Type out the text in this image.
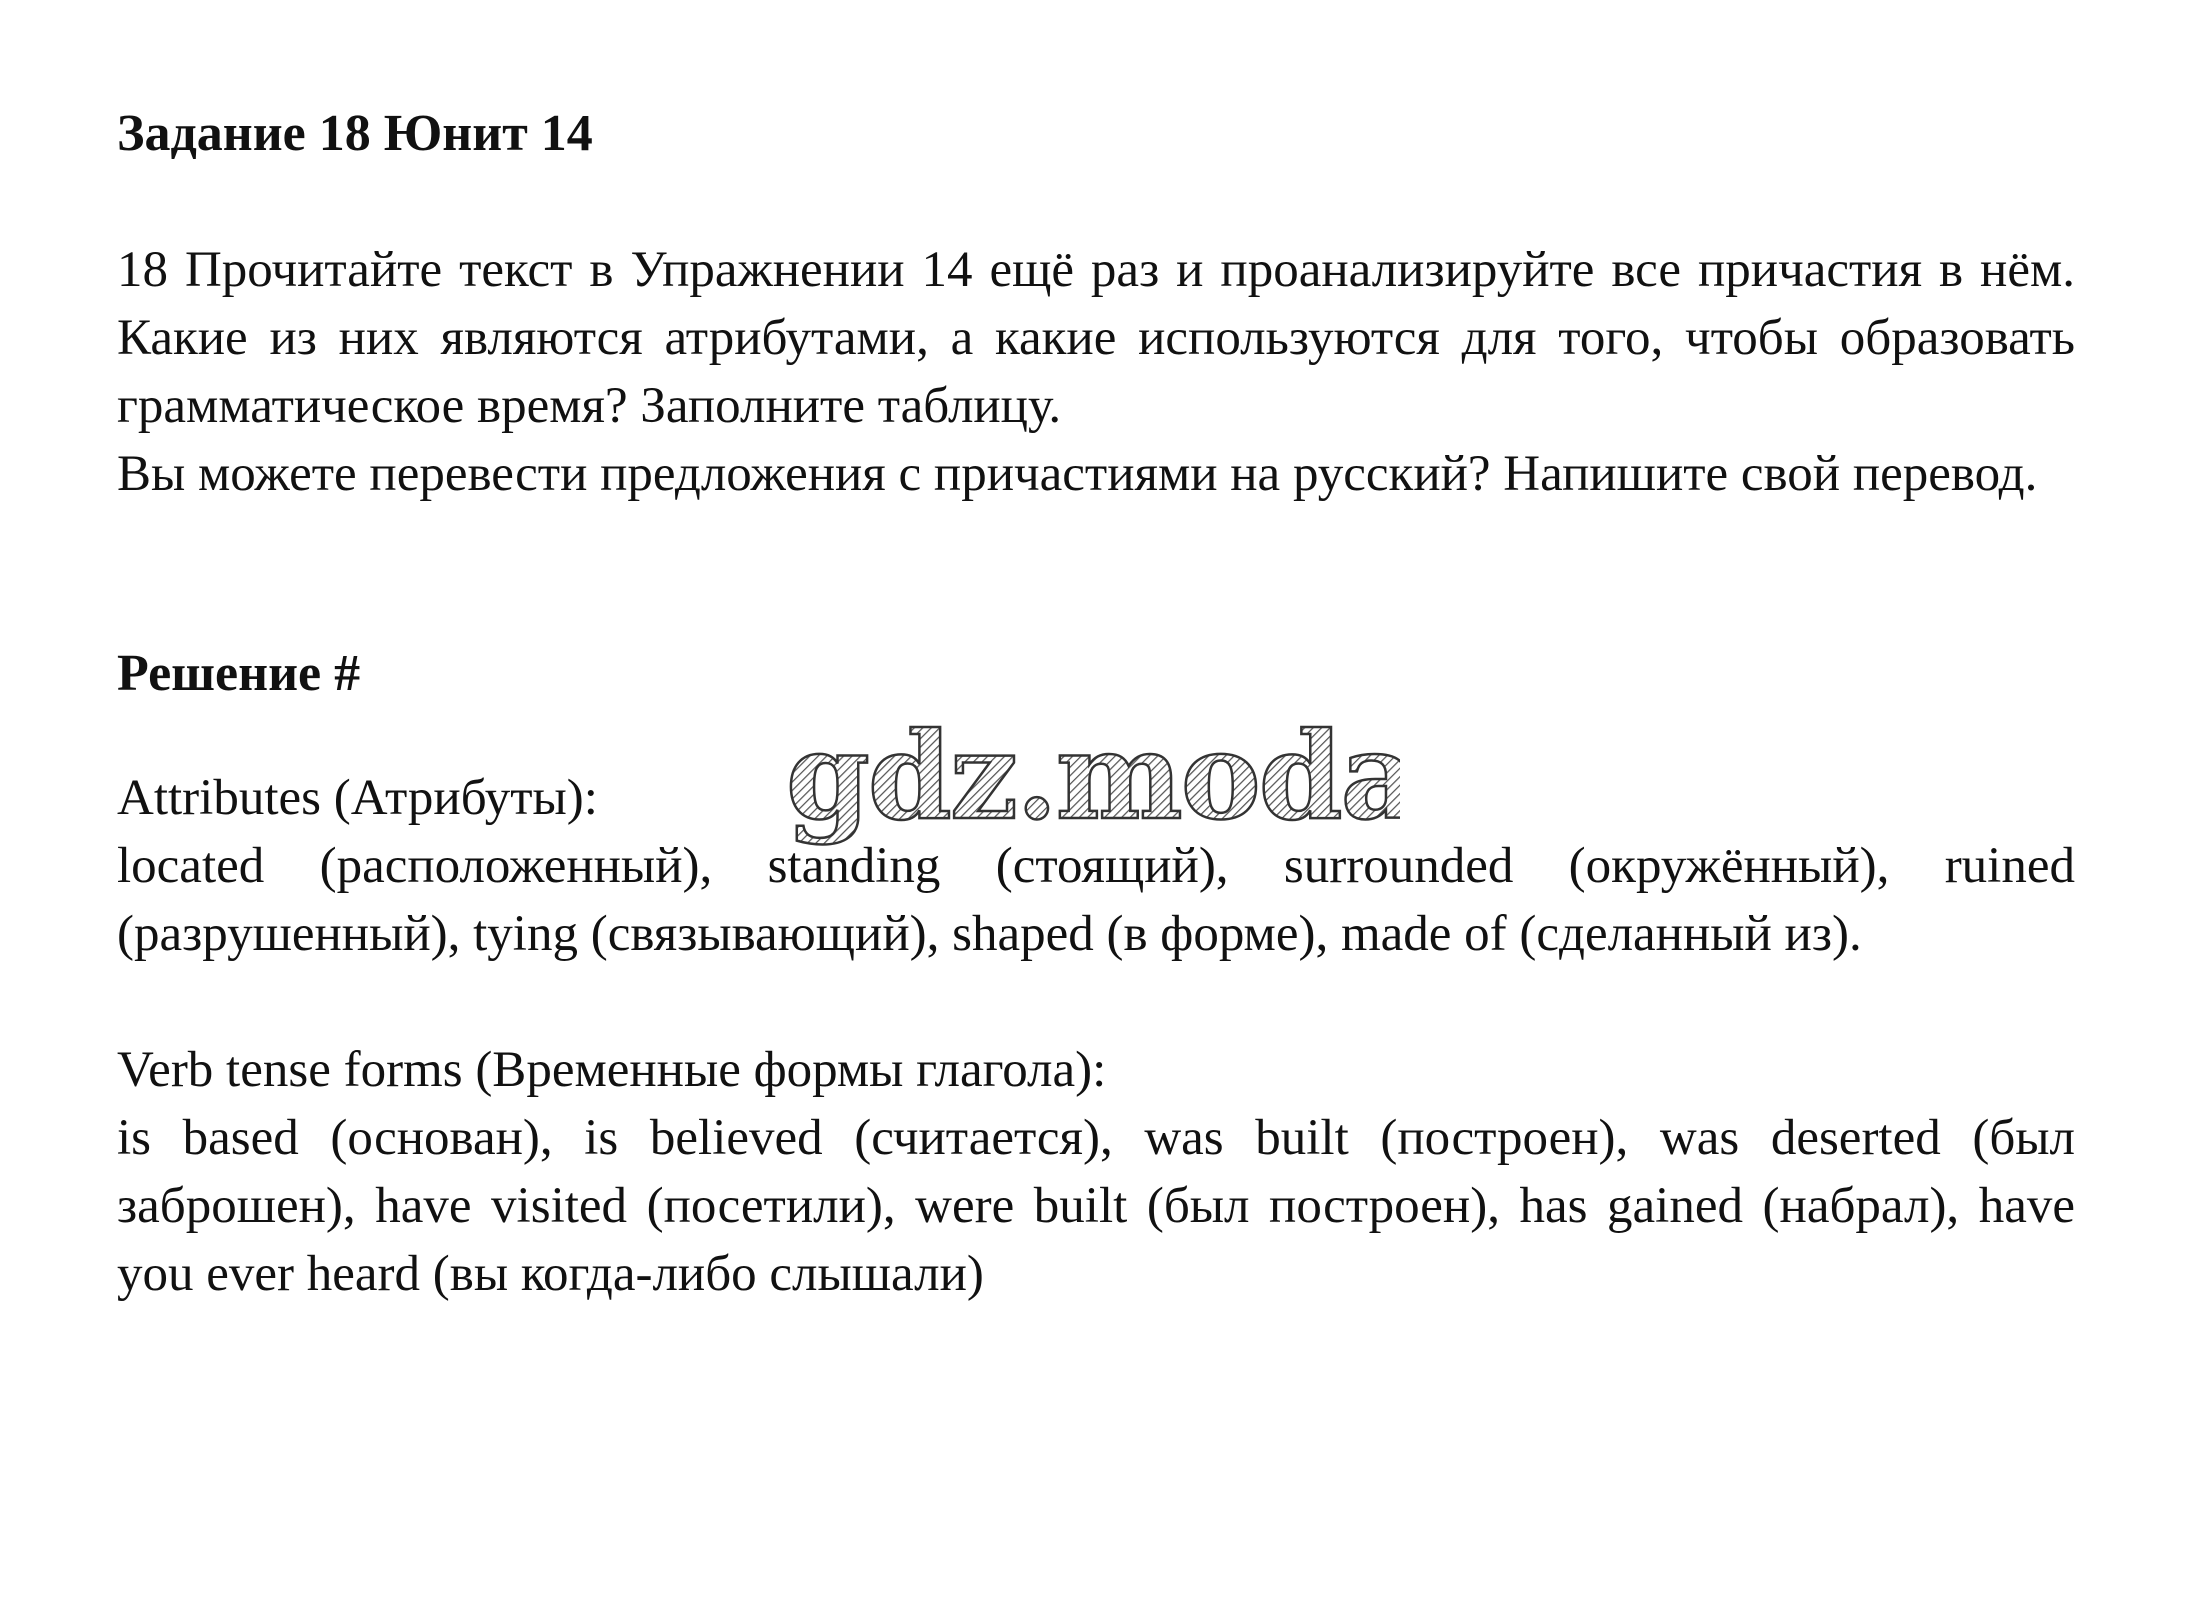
Задание 18 Юнит 14

18 Прочитайте текст в Упражнении 14 ещё раз и проанализируйте все причастия в нём. Какие из них являются атрибутами, а какие используются для того, чтобы образовать грамматическое время? Заполните таблицу.

Вы можете перевести предложения с причастиями на русский? Напишите свой перевод.

Решение #

Attributes (Атрибуты):

located (расположенный), standing (стоящий), surrounded (окружённый), ruined (разрушенный), tying (связывающий), shaped (в форме), made of (сделанный из).

Verb tense forms (Временные формы глагола):

is based (основан), is believed (считается), was built (построен), was deserted (был заброшен), have visited (посетили), were built (был построен), has gained (набрал), have you ever heard (вы когда-либо слышали)

gdz.moda
